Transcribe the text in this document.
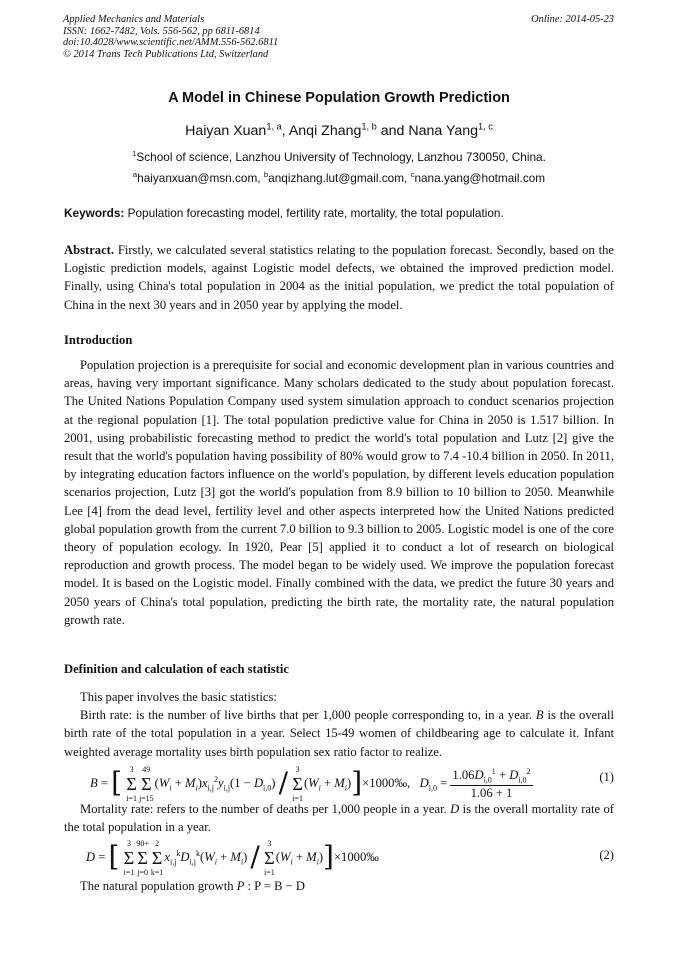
Applied Mechanics and Materials
ISSN: 1662-7482, Vols. 556-562, pp 6811-6814
doi:10.4028/www.scientific.net/AMM.556-562.6811
© 2014 Trans Tech Publications Ltd, Switzerland
Online: 2014-05-23
A Model in Chinese Population Growth Prediction
Haiyan Xuan$^{1, a}$, Anqi Zhang$^{1, b}$ and Nana Yang$^{1, c}$
$^1$School of science, Lanzhou University of Technology, Lanzhou 730050, China.
$^a$haiyanxuan@msn.com, $^b$anqizhang.lut@gmail.com, $^c$nana.yang@hotmail.com
Keywords: Population forecasting model, fertility rate, mortality, the total population.

Abstract. Firstly, we calculated several statistics relating to the population forecast. Secondly, based on the Logistic prediction models, against Logistic model defects, we obtained the improved prediction model. Finally, using China's total population in 2004 as the initial population, we predict the total population of China in the next 30 years and in 2050 year by applying the model.

Introduction

Population projection is a prerequisite for social and economic development plan in various countries and areas, having very important significance. Many scholars dedicated to the study about population forecast. The United Nations Population Company used system simulation approach to conduct scenarios projection at the regional population [1]. The total population predictive value for China in 2050 is 1.517 billion. In 2001, using probabilistic forecasting method to predict the world's total population and Lutz [2] give the result that the world's population having possibility of 80% would grow to 7.4 -10.4 billion in 2050. In 2011, by integrating education factors influence on the world's population, by different levels education population scenarios projection, Lutz [3] got the world's population from 8.9 billion to 10 billion to 2050. Meanwhile Lee [4] from the dead level, fertility level and other aspects interpreted how the United Nations predicted global population growth from the current 7.0 billion to 9.3 billion to 2005. Logistic model is one of the core theory of population ecology. In 1920, Pear [5] applied it to conduct a lot of research on biological reproduction and growth process. The model began to be widely used. We improve the population forecast model. It is based on the Logistic model. Finally combined with the data, we predict the future 30 years and 2050 years of China's total population, predicting the birth rate, the mortality rate, the natural population growth rate.

Definition and calculation of each statistic

This paper involves the basic statistics:

Birth rate: is the number of live births that per 1,000 people corresponding to, in a year. B is the overall birth rate of the total population in a year. Select 15-49 women of childbearing age to calculate it. Infant weighted average mortality uses birth population sex ratio factor to realize.

B = [ 3
Σ
i=1
49
Σ
j=15
$(W_i + M_i)x_{i,j}^2y_{i,j}(1 - D_{i,0}) / 3$
Σ
i=1
($W_i$ + $M_i)]\times 1000‰$,   $D_{i,0} = \frac{1.06D_{i,0}^1 + D_{i,0}^2}{1.06 + 1}$	(1)

Mortality rate: refers to the number of deaths per 1,000 people in a year. D is the overall mortality rate of the total population in a year.

D = [ 3
Σ
i=1
90+
Σ
j=0
2
Σ
k=1
$x_{i,j}^kD_{i,j}^k(W_i + M_i) / 3$
Σ
i=1
($W_i$ + $M_i)]\times 1000‰$	(2)

The natural population growth P : P = B − D
